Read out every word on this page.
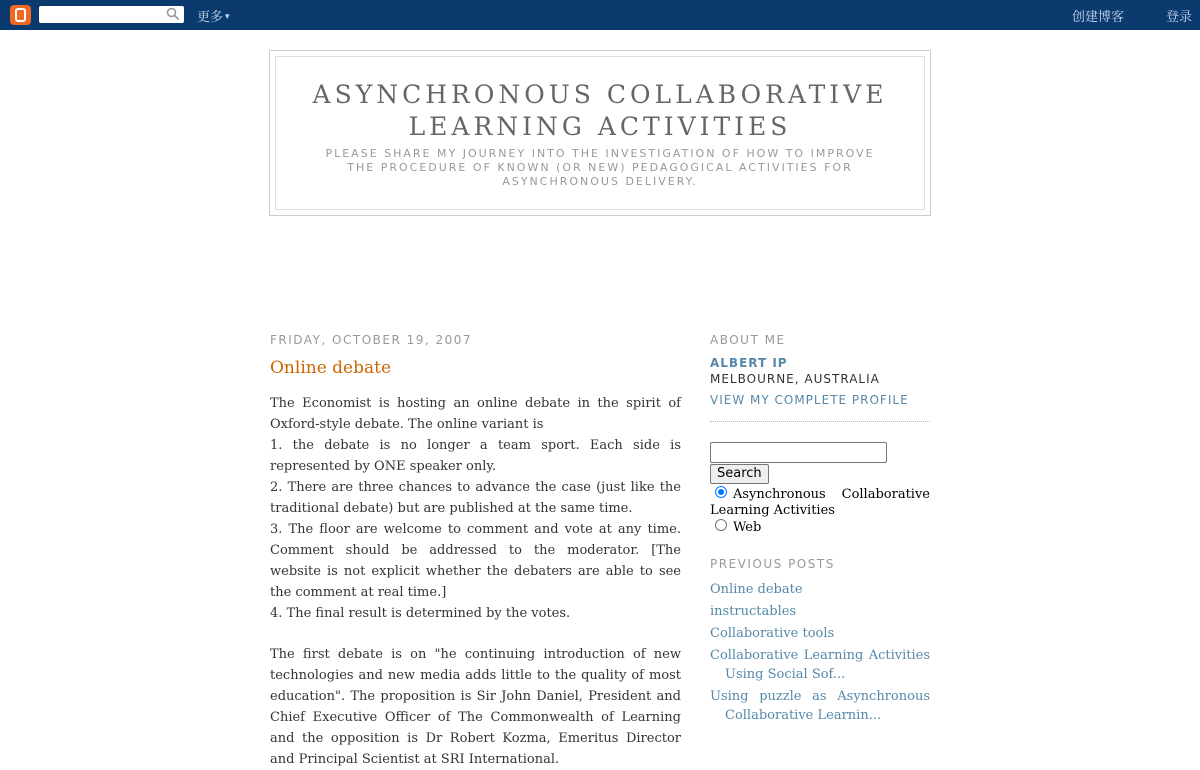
更多 ▾	创建博客	登录
ASYNCHRONOUS COLLABORATIVE LEARNING ACTIVITIES
PLEASE SHARE MY JOURNEY INTO THE INVESTIGATION OF HOW TO IMPROVE THE PROCEDURE OF KNOWN (OR NEW) PEDAGOGICAL ACTIVITIES FOR ASYNCHRONOUS DELIVERY.
FRIDAY, OCTOBER 19, 2007
Online debate

The Economist is hosting an online debate in the spirit of Oxford-style debate. The online variant is

1. the debate is no longer a team sport. Each side is represented by ONE speaker only.

2. There are three chances to advance the case (just like the traditional debate) but are published at the same time.

3. The floor are welcome to comment and vote at any time. Comment should be addressed to the moderator. [The website is not explicit whether the debaters are able to see the comment at real time.]

4. The final result is determined by the votes.

The first debate is on "he continuing introduction of new technologies and new media adds little to the quality of most education". The proposition is Sir John Daniel, President and Chief Executive Officer of The Commonwealth of Learning and the opposition is Dr Robert Kozma, Emeritus Director and Principal Scientist at SRI International.

ABOUT ME
ALBERT IP
MELBOURNE, AUSTRALIA
VIEW MY COMPLETE PROFILE
Search
Asynchronous Collaborative Learning Activities
Web
PREVIOUS POSTS
Online debate
instructables
Collaborative tools
Collaborative Learning Activities Using Social Sof...
Using puzzle as Asynchronous Collaborative Learnin...
